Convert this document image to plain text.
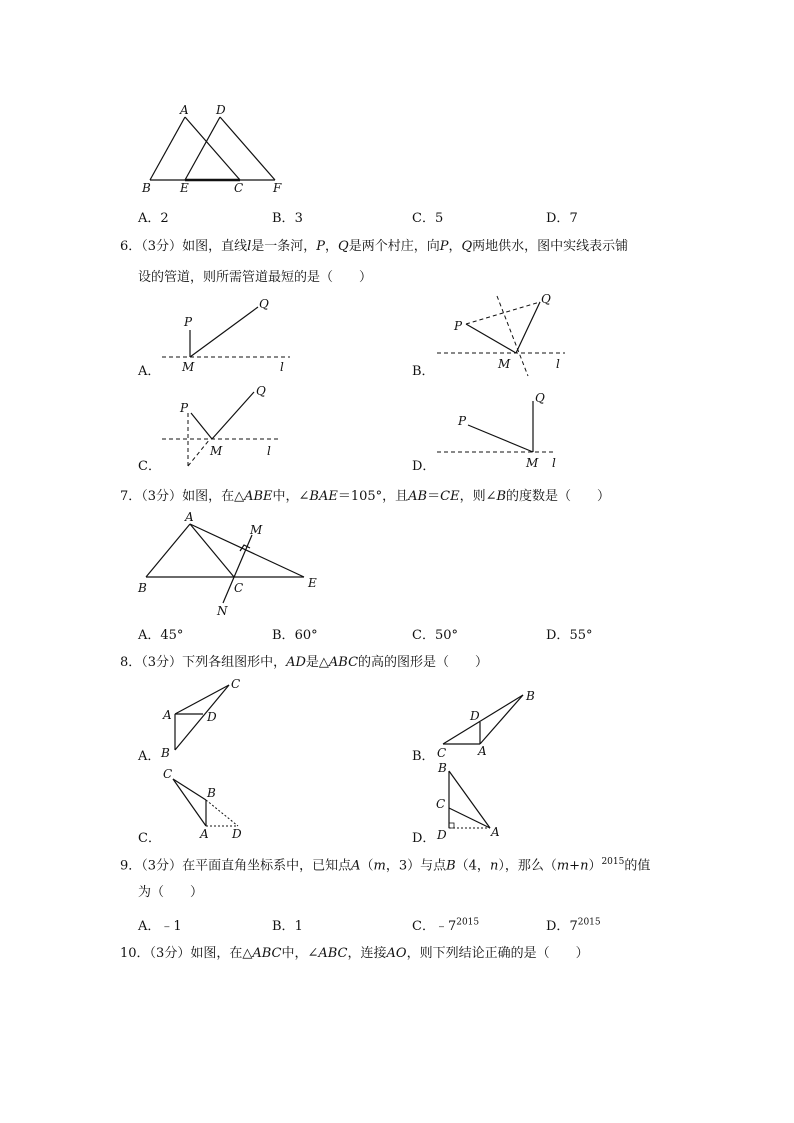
A D
B E	C F
A．2	B．3	C．5	D．7
6．（3分）如图，直线l是一条河，P，Q是两个村庄，向P，Q两地供水，图中实线表示铺
设的管道，则所需管道最短的是（　　）
P
Q
M	l
A．
P
Q
M	l
B．
P
Q
M	l
C．
P
Q
M l
D．
7．（3分）如图，在△ABE中，∠BAE＝105°，且AB＝CE，则∠B的度数是（　　）
A
M
B	C	E
N
A．45°	B．60°	C．50°	D．55°
8．（3分）下列各组图形中，AD是△ABC的高的图形是（　　）
A
C
D
B
A．
B
D
C	A
B．
C
B
A D
C．
B
C
D	A
D．
9．（3分）在平面直角坐标系中，已知点A（m，3）与点B（4，n），那么$(m+n)^{2015}$的值
为（　　）
A．﹣1	B．1	C．$﹣7^{2015}$	D．$7^{2015}$
10．（3分）如图，在△ABC中，∠ABC，连接AO，则下列结论正确的是（　　）
